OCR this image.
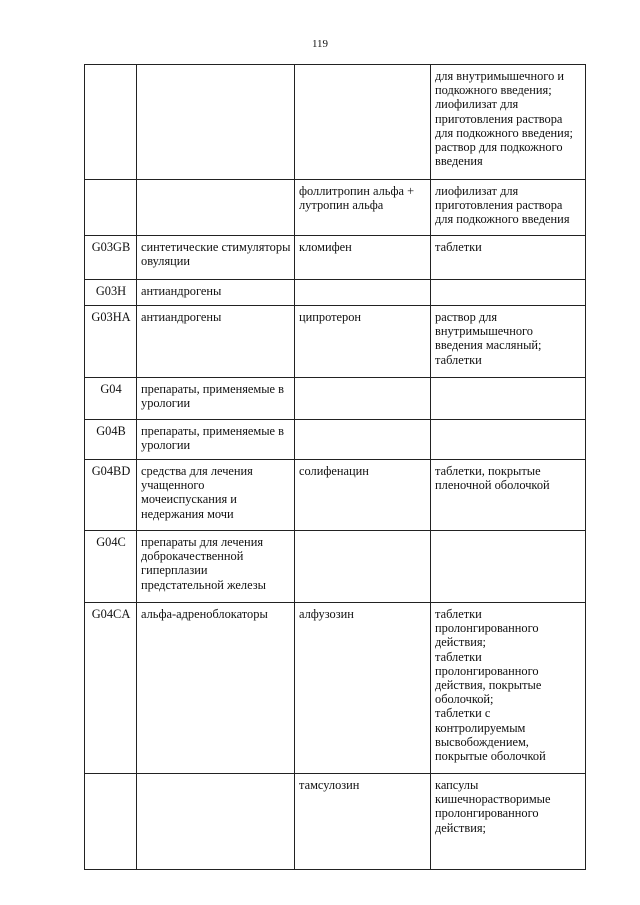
119

			для внутримышечного и подкожного введения;
лиофилизат для приготовления раствора для подкожного введения;
раствор для подкожного введения

		фоллитропин альфа + лутропин альфа	лиофилизат для приготовления раствора для подкожного введения

G03GB	синтетические стимуляторы овуляции	кломифен	таблетки

G03H	антиандрогены		
G03HA	антиандрогены	ципротерон	раствор для внутримышечного введения масляный;
таблетки

G04	препараты, применяемые в урологии		
G04B	препараты, применяемые в урологии		
G04BD	средства для лечения учащенного мочеиспускания и недержания мочи	солифенацин	таблетки, покрытые пленочной оболочкой

G04C	препараты для лечения доброкачественной гиперплазии предстательной железы		
G04CA	альфа-адреноблокаторы	алфузозин	таблетки пролонгированного действия;
таблетки пролонгированного действия, покрытые оболочкой;
таблетки с контролируемым высвобождением, покрытые оболочкой

		тамсулозин	капсулы кишечнорастворимые пролонгированного действия;
